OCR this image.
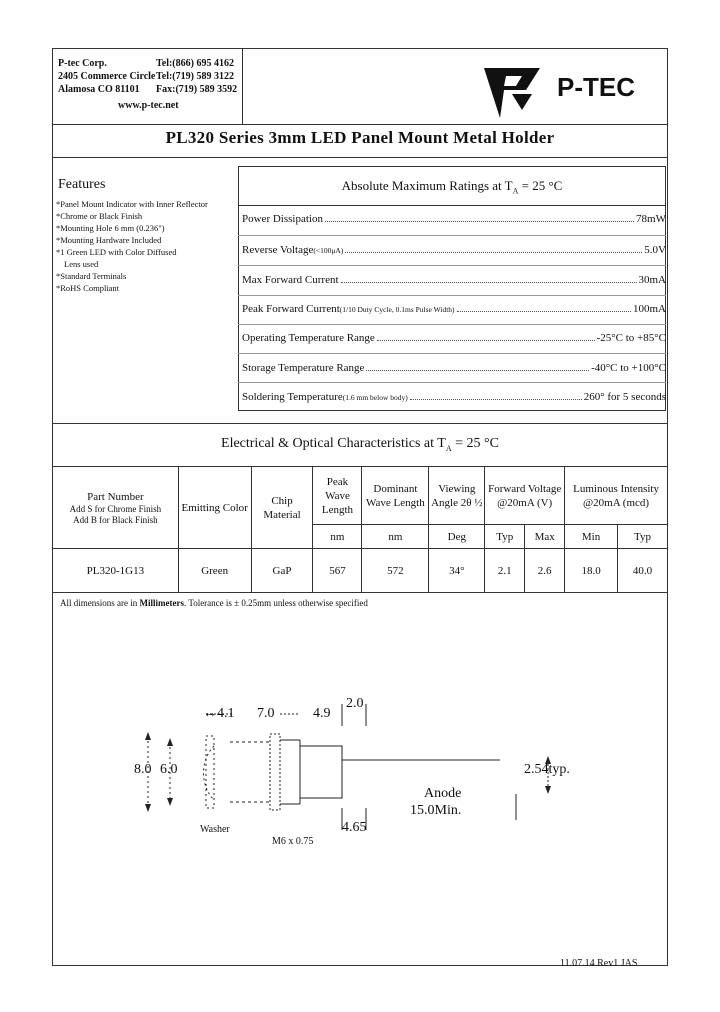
P-tec Corp.
2405 Commerce Circle
Alamosa CO 81101
Tel:(866) 695 4162
Tel:(719) 589 3122
Fax:(719) 589 3592
www.p-tec.net
P-TEC
PL320 Series 3mm LED Panel Mount Metal Holder
Features
*Panel Mount Indicator with Inner Reflector
*Chrome or Black Finish
*Mounting Hole 6 mm (0.236")
*Mounting Hardware Included
*1 Green LED with Color Diffused
Lens used
*Standard Terminals
*RoHS Compliant
Absolute Maximum Ratings at $T_A = 25$ °C
Power Dissipation	78mW
Reverse Voltage (<100μA)	5.0V
Max Forward Current	30mA
Peak Forward Current (1/10 Duty Cycle, 0.1ms Pulse Width)	100mA
Operating Temperature Range	-25°C to +85°C
Storage Temperature Range	-40°C to +100°C
Soldering Temperature (1.6 mm below body)	260° for 5 seconds
Electrical & Optical Characteristics at $T_A = 25$ °C
Part Number
Add S for Chrome Finish
Add B for Black Finish	Emitting Color	Chip Material	Peak Wave Length	Dominant Wave Length	Viewing Angle 2θ ½	Forward Voltage @20mA (V)		Luminous Intensity @20mA (mcd)	
			nm	nm	Deg	Typ	Max	Min	Typ
PL320-1G13	Green	GaP	567	572	34°	2.1	2.6	18.0	40.0
All dimensions are in Millimeters. Tolerance is ± 0.25mm unless otherwise specified
↔4.1 7.0	4.9
2.0
8.0 6.0	2.54typ.
Anode
15.0Min.
Washer
M6 x 0.75
4.65
11.07.14 Rev1 JAS
